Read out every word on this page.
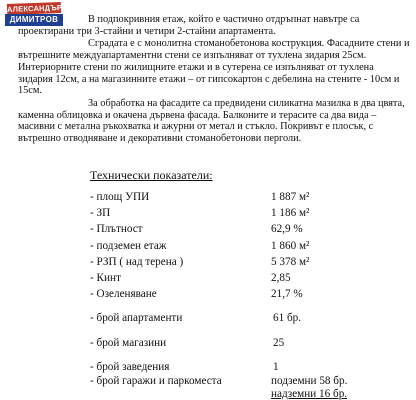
АЛЕКСАНДЪР
ДИМИТРОВ	В подпокривния етаж, който е частично отдръпнат навътре са проектирани три 3-стайни и четири 2-стайни апартамента.

Сградата е с монолитна стоманобетонова кострукция. Фасадните стени и вътрешните междуапартаментни стени се изпълняват от тухлена зидария 25см. Интериорните стени по жилищните етажи и в сутерена се изпълняват от тухлена зидария 12см, а на магазинните етажи – от гипсокартон с дебелина на стените - 10см и 15см.

За обработка на фасадите са предвидени силикатна мазилка в два цвята, каменна облицовка и окачена дървена фасада. Балконите и терасите са два вида – масивни с метална ръкохватка и ажурни от метал и стъкло. Покривът е плосък, с вътрешно отводняване и декоративни стоманобетонови перголи.

Технически показатели:
- площ УПИ	1 887 м²
- ЗП	1 186 м²
- Плътност	62,9 %
- подземен етаж	1 860 м²
- РЗП ( над терена )	5 378 м²
- Кинт	2,85
- Озеленяване	21,7 %
- брой апартаменти	61 бр.
- брой магазини	25
- брой заведения	1
- брой гаражи и паркоместа	подземни 58 бр.
надземни 16 бр.
